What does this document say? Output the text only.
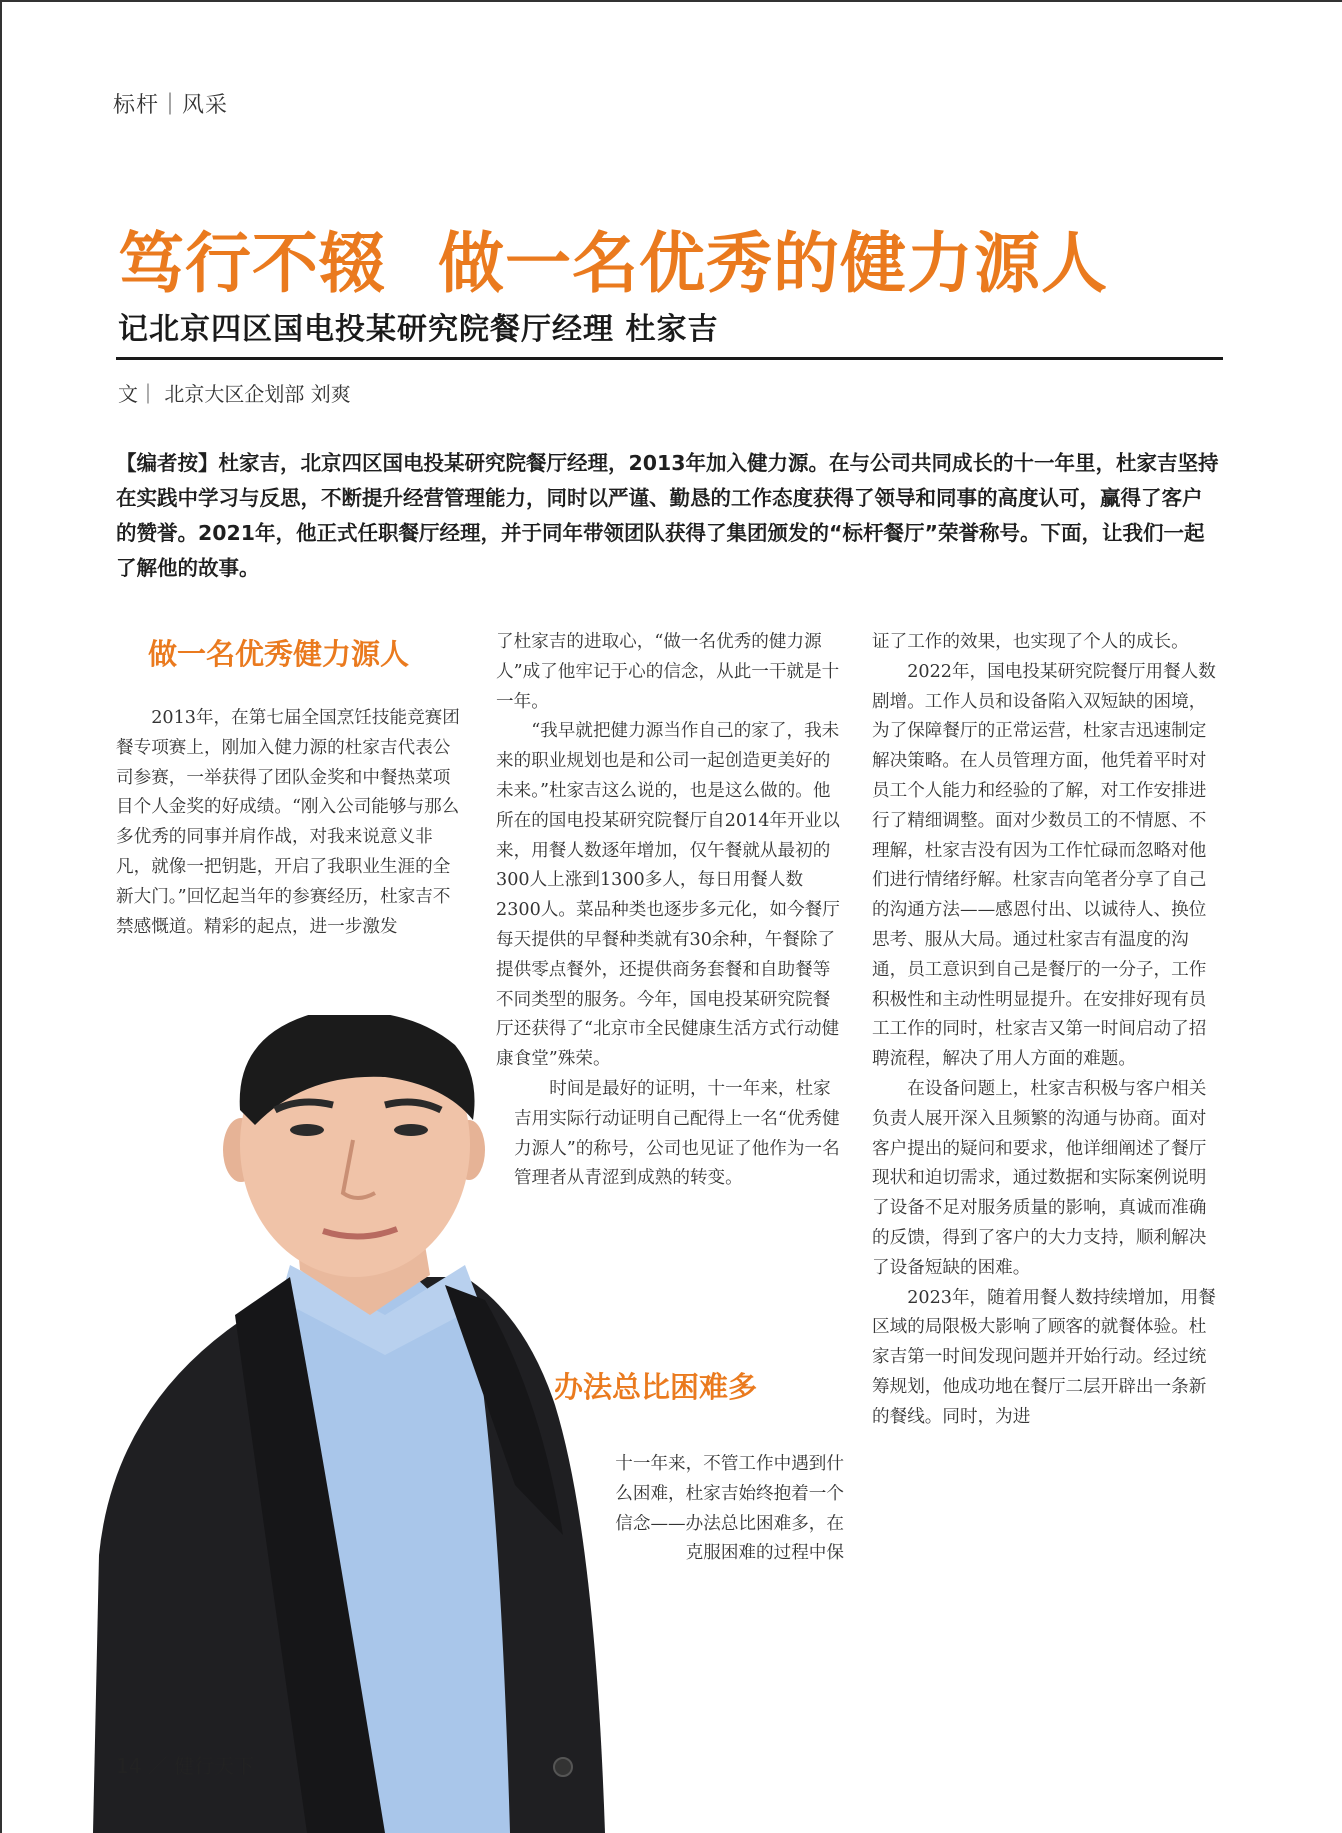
标杆｜风采
笃行不辍 做一名优秀的健力源人
记北京四区国电投某研究院餐厅经理 杜家吉
文｜ 北京大区企划部 刘爽

【编者按】杜家吉，北京四区国电投某研究院餐厅经理，2013年加入健力源。在与公司共同成长的十一年里，杜家吉坚持在实践中学习与反思，不断提升经营管理能力，同时以严谨、勤恳的工作态度获得了领导和同事的高度认可，赢得了客户的赞誉。2021年，他正式任职餐厅经理，并于同年带领团队获得了集团颁发的“标杆餐厅”荣誉称号。下面，让我们一起了解他的故事。

做一名优秀健力源人

2013年，在第七届全国烹饪技能竞赛团餐专项赛上，刚加入健力源的杜家吉代表公司参赛，一举获得了团队金奖和中餐热菜项目个人金奖的好成绩。“刚入公司能够与那么多优秀的同事并肩作战，对我来说意义非凡，就像一把钥匙，开启了我职业生涯的全新大门。”回忆起当年的参赛经历，杜家吉不禁感慨道。精彩的起点，进一步激发

了杜家吉的进取心，“做一名优秀的健力源人”成了他牢记于心的信念，从此一干就是十一年。

“我早就把健力源当作自己的家了，我未来的职业规划也是和公司一起创造更美好的未来。”杜家吉这么说的，也是这么做的。他所在的国电投某研究院餐厅自2014年开业以来，用餐人数逐年增加，仅午餐就从最初的300人上涨到1300多人，每日用餐人数2300人。菜品种类也逐步多元化，如今餐厅每天提供的早餐种类就有30余种，午餐除了提供零点餐外，还提供商务套餐和自助餐等不同类型的服务。今年，国电投某研究院餐厅还获得了“北京市全民健康生活方式行动健康食堂”殊荣。

时间是最好的证明，十一年来，杜家吉用实际行动证明自己配得上一名“优秀健力源人”的称号，公司也见证了他作为一名管理者从青涩到成熟的转变。

办法总比困难多

十一年来，不管工作中遇到什么困难，杜家吉始终抱着一个信念——办法总比困难多，在克服困难的过程中保

证了工作的效果，也实现了个人的成长。

2022年，国电投某研究院餐厅用餐人数剧增。工作人员和设备陷入双短缺的困境，为了保障餐厅的正常运营，杜家吉迅速制定解决策略。在人员管理方面，他凭着平时对员工个人能力和经验的了解，对工作安排进行了精细调整。面对少数员工的不情愿、不理解，杜家吉没有因为工作忙碌而忽略对他们进行情绪纾解。杜家吉向笔者分享了自己的沟通方法——感恩付出、以诚待人、换位思考、服从大局。通过杜家吉有温度的沟通，员工意识到自己是餐厅的一分子，工作积极性和主动性明显提升。在安排好现有员工工作的同时，杜家吉又第一时间启动了招聘流程，解决了用人方面的难题。

在设备问题上，杜家吉积极与客户相关负责人展开深入且频繁的沟通与协商。面对客户提出的疑问和要求，他详细阐述了餐厅现状和迫切需求，通过数据和实际案例说明了设备不足对服务质量的影响，真诚而准确的反馈，得到了客户的大力支持，顺利解决了设备短缺的困难。

2023年，随着用餐人数持续增加，用餐区域的局限极大影响了顾客的就餐体验。杜家吉第一时间发现问题并开始行动。经过统筹规划，他成功地在餐厅二层开辟出一条新的餐线。同时，为进

14 ／ 健行天下
